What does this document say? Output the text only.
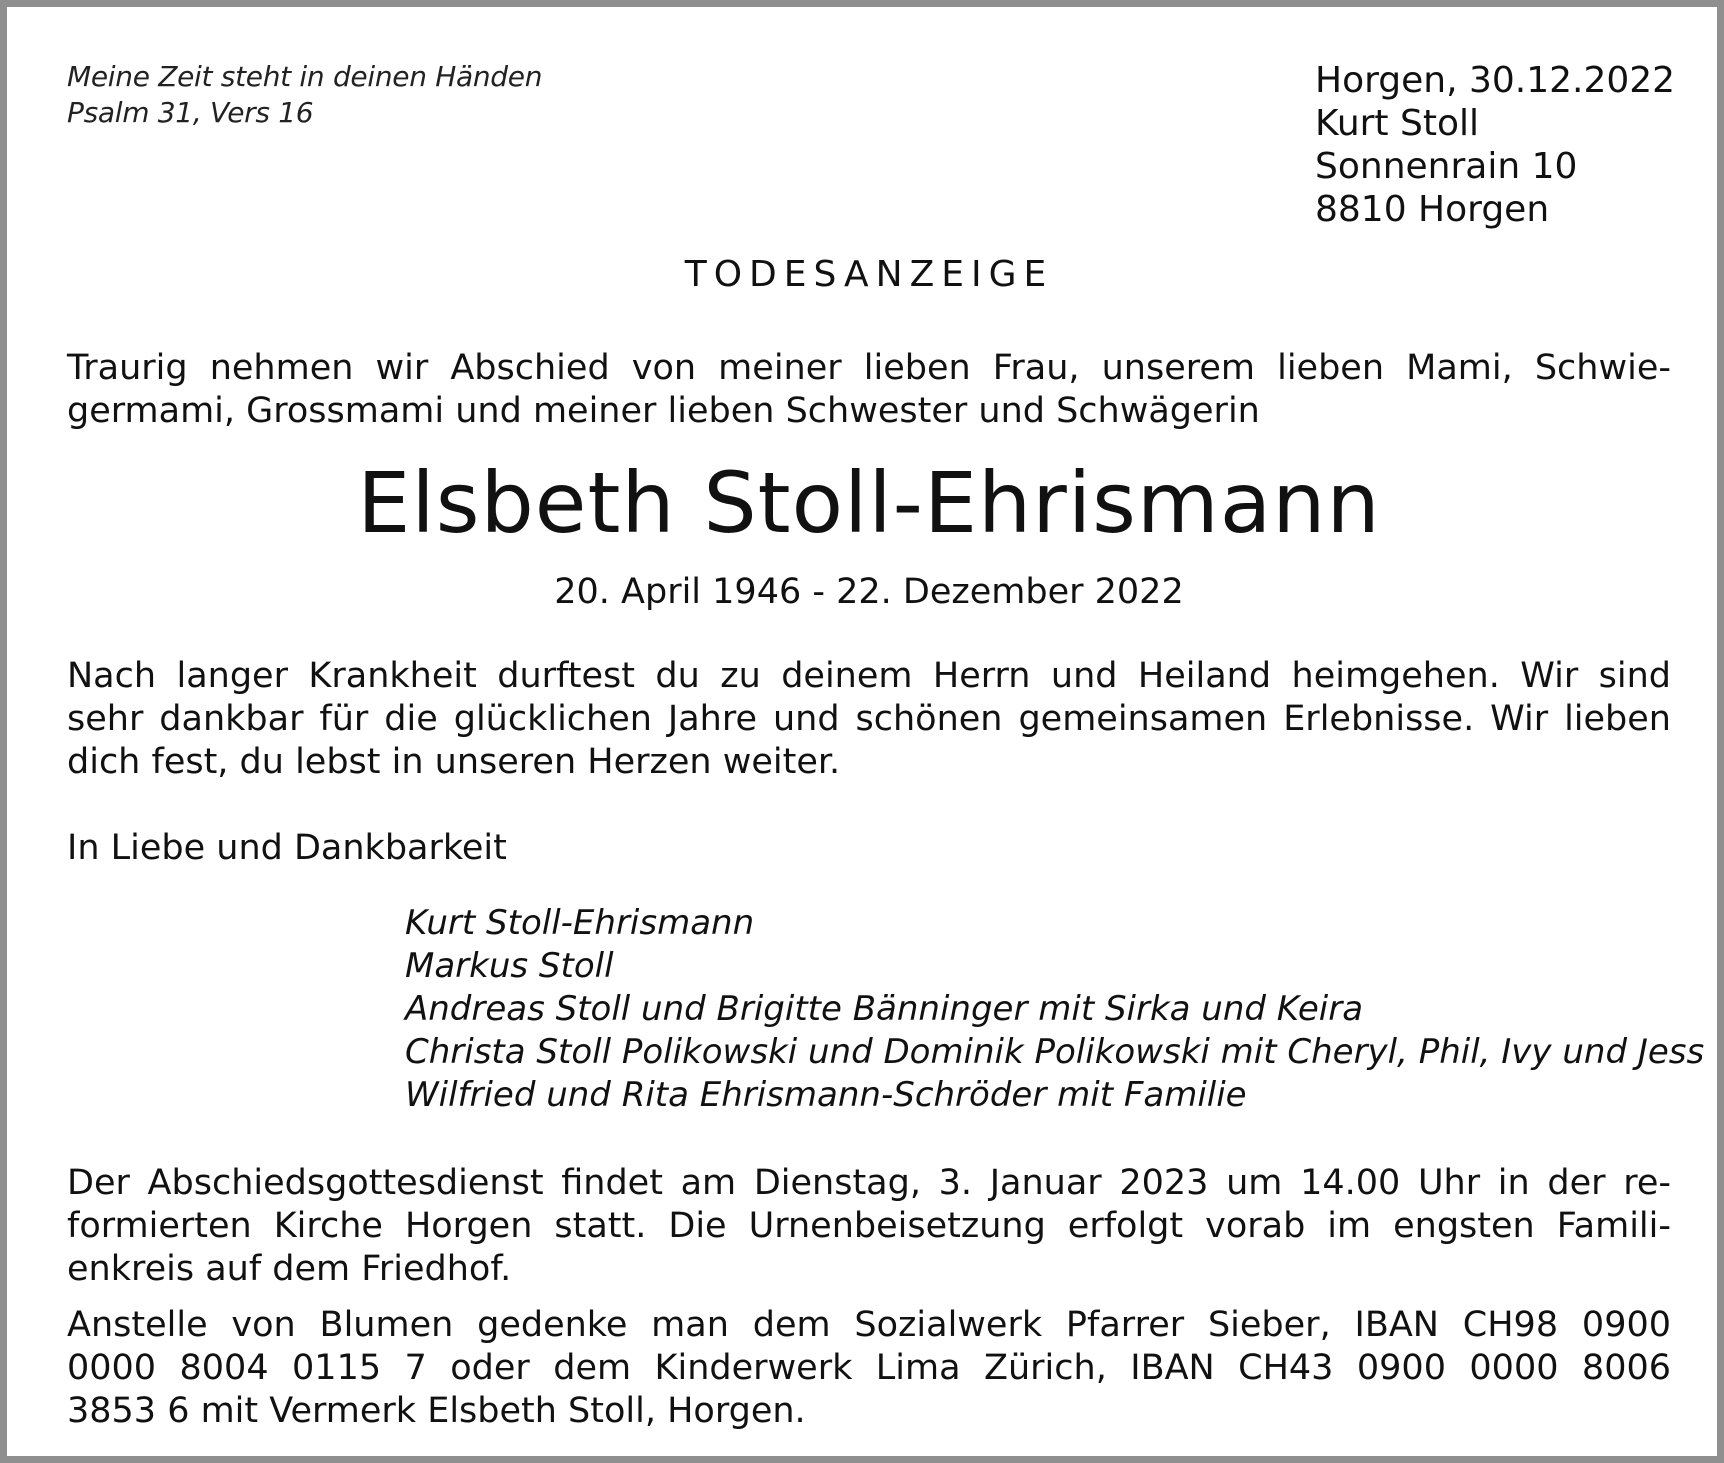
Meine Zeit steht in deinen Händen
Psalm 31, Vers 16
Horgen, 30.12.2022
Kurt Stoll
Sonnenrain 10
8810 Horgen
TODESANZEIGE
Traurig nehmen wir Abschied von meiner lieben Frau, unserem lieben Mami, Schwie-
germami, Grossmami und meiner lieben Schwester und Schwägerin
Elsbeth Stoll-Ehrismann
20. April 1946 - 22. Dezember 2022
Nach langer Krankheit durftest du zu deinem Herrn und Heiland heimgehen. Wir sind
sehr dankbar für die glücklichen Jahre und schönen gemeinsamen Erlebnisse. Wir lieben
dich fest, du lebst in unseren Herzen weiter.
In Liebe und Dankbarkeit
Kurt Stoll-Ehrismann
Markus Stoll
Andreas Stoll und Brigitte Bänninger mit Sirka und Keira
Christa Stoll Polikowski und Dominik Polikowski mit Cheryl, Phil, Ivy und Jess
Wilfried und Rita Ehrismann-Schröder mit Familie
Der Abschiedsgottesdienst findet am Dienstag, 3. Januar 2023 um 14.00 Uhr in der re-
formierten Kirche Horgen statt. Die Urnenbeisetzung erfolgt vorab im engsten Famili-
enkreis auf dem Friedhof.
Anstelle von Blumen gedenke man dem Sozialwerk Pfarrer Sieber, IBAN CH98 0900
0000 8004 0115 7 oder dem Kinderwerk Lima Zürich, IBAN CH43 0900 0000 8006
3853 6 mit Vermerk Elsbeth Stoll, Horgen.
